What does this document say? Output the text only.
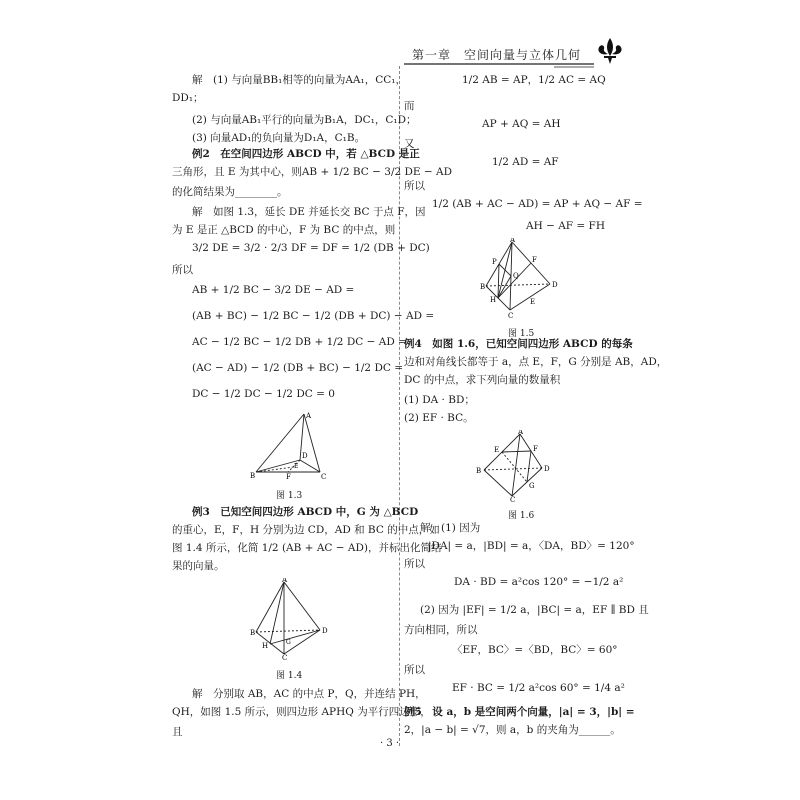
第一章　 空间向量与立体几何
解　(1) 与向量BB₁相等的向量为AA₁，CC₁，
DD₁；
(2) 与向量AB₁平行的向量为B₁A，DC₁，C₁D；
(3) 向量AD₁的负向量为D₁A，C₁B。
例2　在空间四边形 ABCD 中，若 △BCD 是正
三角形，且 E 为其中心，则AB + 1/2 BC − 3/2 DE − AD
的化简结果为________。
解　如图 1.3，延长 DE 并延长交 BC 于点 F，因
为 E 是正 △BCD 的中心，F 为 BC 的中点，则
3/2 DE = 3/2 · 2/3 DF = DF = 1/2 (DB + DC)
所以
AB + 1/2 BC − 3/2 DE − AD =
(AB + BC) − 1/2 BC − 1/2 (DB + DC) − AD =
AC − 1/2 BC − 1/2 DB + 1/2 DC − AD =
(AC − AD) − 1/2 (DB + BC) − 1/2 DC =
DC − 1/2 DC − 1/2 DC = 0
例3　已知空间四边形 ABCD 中，G 为 △BCD
的重心，E，F，H 分别为边 CD，AD 和 BC 的中点，如
图 1.4 所示，化简 1/2 (AB + AC − AD)，并标出化简结
果的向量。
解　分别取 AB，AC 的中点 P，Q，并连结 PH，
QH，如图 1.5 所示，则四边形 APHQ 为平行四边形，
且
1/2 AB = AP，1/2 AC = AQ
而
AP + AQ = AH
又
1/2 AD = AF
所以
1/2 (AB + AC − AD) = AP + AQ − AF =
AH − AF = FH
例4　如图 1.6，已知空间四边形 ABCD 的每条
边和对角线长都等于 a，点 E，F，G 分别是 AB，AD，
DC 的中点，求下列向量的数量积
(1) DA · BD；
(2) EF · BC。
解　(1) 因为
|DA| = a，|BD| = a，〈DA，BD〉= 120°
所以
DA · BD = a²cos 120° = −1/2 a²
(2) 因为 |EF| = 1/2 a，|BC| = a，EF ∥ BD 且
方向相同，所以
〈EF，BC〉=〈BD，BC〉= 60°
所以
EF · BC = 1/2 a²cos 60° = 1/4 a²
例5　设 a，b 是空间两个向量，|a| = 3，|b| =
2，|a − b| = √7，则 a，b 的夹角为______。
A
D
B	F	C
E
图 1.3
A
B	D
H
C
G
图 1.4
A
P	F
Q
B	D
H
C
E
图 1.5
A
E	F
B	D
G
C
图 1.6
· 3 ·
